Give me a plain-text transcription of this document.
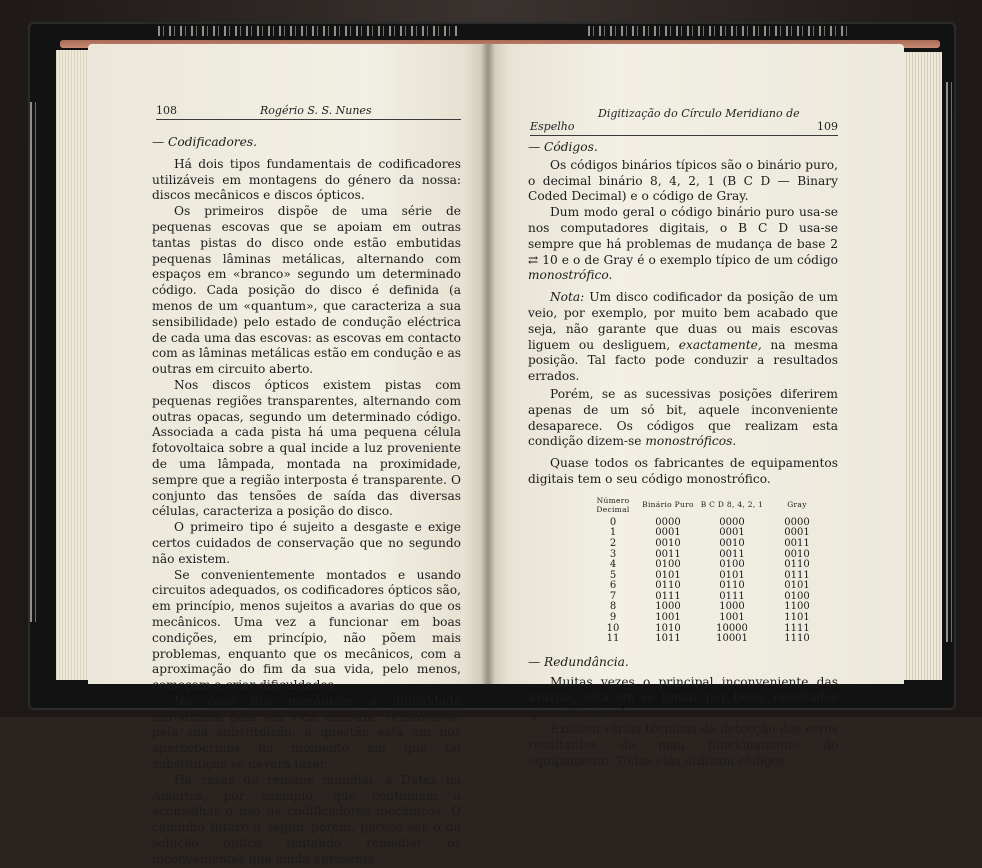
108	Rogério S. S. Nunes
— Codificadores.

Há dois tipos fundamentais de codificadores utilizáveis em montagens do género da nossa: discos mecânicos e discos ópticos.

Os primeiros dispõe de uma série de pequenas escovas que se apoiam em outras tantas pistas do disco onde estão embutidas pequenas lâminas metálicas, alternando com espaços em «branco» segundo um determinado código. Cada posição do disco é definida (a menos de um «quantum», que caracteriza a sua sensibilidade) pelo estado de condução eléctrica de cada uma das escovas: as escovas em contacto com as lâminas metálicas estão em condução e as outras em circuito aberto.

Nos discos ópticos existem pistas com pequenas regiões transparentes, alternando com outras opacas, segundo um determinado código. Associada a cada pista há uma pequena célula fotovoltaica sobre a qual incide a luz proveniente de uma lâmpada, montada na proximidade, sempre que a região interposta é transparente. O conjunto das tensões de saída das diversas células, caracteriza a posição do disco.

O primeiro tipo é sujeito a desgaste e exige certos cuidados de conservação que no segundo não existem.

Se convenientemente montados e usando circuitos adequados, os codificadores ópticos são, em princípio, menos sujeitos a avarias do que os mecânicos. Uma vez a funcionar em boas condições, em princípio, não põem mais problemas, enquanto que os mecânicos, com a aproximação do fim da sua vida, pelo menos, começam a criar dificuldades.

No caso dos mecânicos a dificuldade introduzida pela sua vida limitada, remedeia-se pela sua substituição; a questão está em nos apercebermos do momento em que tal substituição se deverá fazer.

Há casas de renome mundial, a Datex na América, por exemplo, que continuam a aconselhar o uso de codificadores mecânicos. O caminho futuro a seguir porém, parece ser o da solução óptica tentando remediar os inconvenientes que ainda apresenta.

Digitização do Círculo Meridiano de Espelho	109
— Códigos.

Os códigos binários típicos são o binário puro, o decimal binário 8, 4, 2, 1 (B C D — Binary Coded Decimal) e o código de Gray.

Dum modo geral o código binário puro usa-se nos computadores digitais, o B C D usa-se sempre que há problemas de mudança de base 2 ⇄ 10 e o de Gray é o exemplo típico de um código monostrófico.

Nota: Um disco codificador da posição de um veio, por exemplo, por muito bem acabado que seja, não garante que duas ou mais escovas liguem ou desliguem, exactamente, na mesma posição. Tal facto pode conduzir a resultados errados.

Porém, se as sucessivas posições diferirem apenas de um só bit, aquele inconveniente desaparece. Os códigos que realizam esta condição dizem-se monostróficos.

Quase todos os fabricantes de equipamentos digitais tem o seu código monostrófico.

Número Decimal	Binário Puro	B C D 8, 4, 2, 1	Gray
0	0000	0000	0000
1	0001	0001	0001
2	0010	0010	0011
3	0011	0011	0010
4	0100	0100	0110
5	0101	0101	0111
6	0110	0110	0101
7	0111	0111	0100
8	1000	1000	1100
9	1001	1001	1101
10	1010	10000	1111
11	1011	10001	1110
— Redundância.

Muitas vezes o principal inconveniente das avarias, está em se tomar por bons, resultados que estão errados.

Existem várias técnicas de detecção dos erros resultantes do mau funcionamento do equipamento. Todas elas utilizam códigos
